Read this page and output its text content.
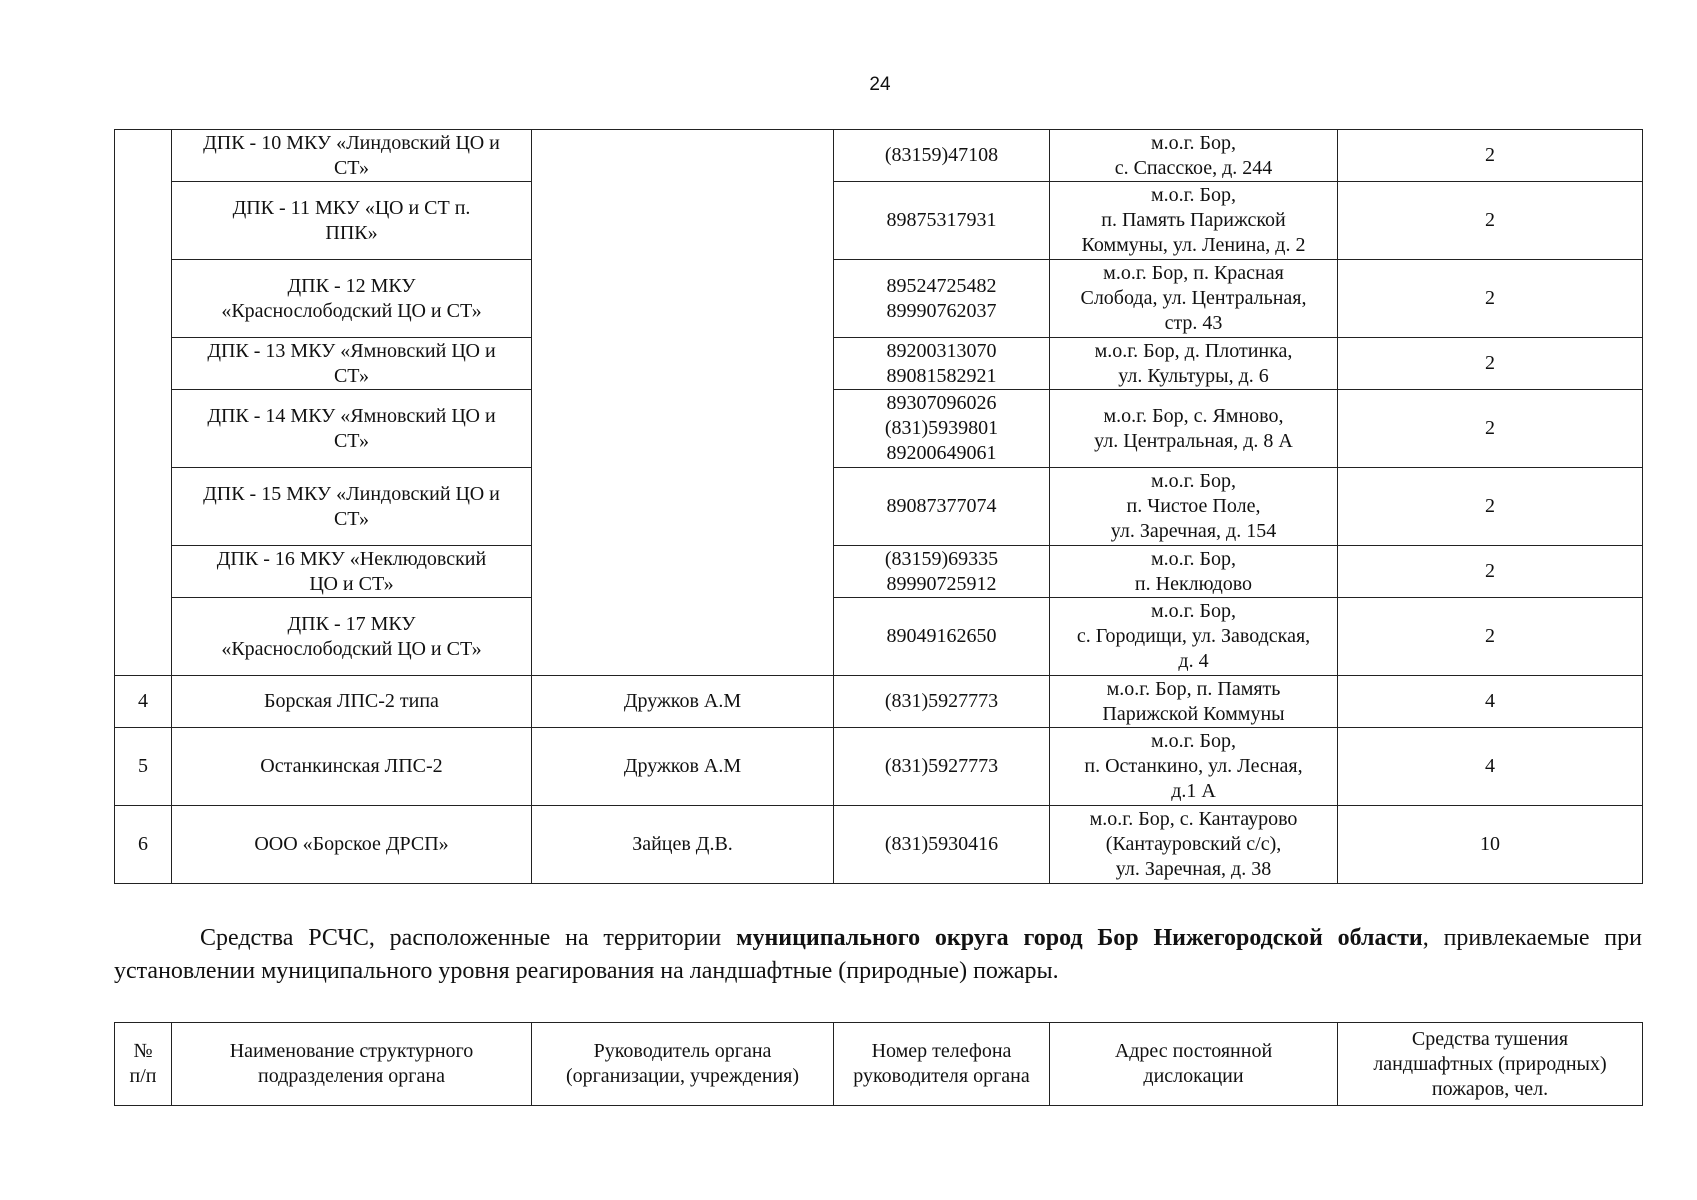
24
	ДПК - 10 МКУ «Линдовский ЦО и
СТ»		(83159)47108	м.о.г. Бор,
с. Спасское, д. 244	2
	ДПК - 11 МКУ «ЦО и СТ п.
ППК»		89875317931	м.о.г. Бор,
п. Память Парижской
Коммуны, ул. Ленина, д. 2	2
	ДПК - 12 МКУ
«Краснослободский ЦО и СТ»		89524725482
89990762037	м.о.г. Бор, п. Красная
Слобода, ул. Центральная,
стр. 43	2
	ДПК - 13 МКУ «Ямновский ЦО и
СТ»		89200313070
89081582921	м.о.г. Бор, д. Плотинка,
ул. Культуры, д. 6	2
	ДПК - 14 МКУ «Ямновский ЦО и
СТ»		89307096026
(831)5939801
89200649061	м.о.г. Бор, с. Ямново,
ул. Центральная, д. 8 А	2
	ДПК - 15 МКУ «Линдовский ЦО и
СТ»		89087377074	м.о.г. Бор,
п. Чистое Поле,
ул. Заречная, д. 154	2
	ДПК - 16 МКУ «Неклюдовский
ЦО и СТ»		(83159)69335
89990725912	м.о.г. Бор,
п. Неклюдово	2
	ДПК - 17 МКУ
«Краснослободский ЦО и СТ»		89049162650	м.о.г. Бор,
с. Городищи, ул. Заводская,
д. 4	2
4	Борская ЛПС-2 типа	Дружков А.М	(831)5927773	м.о.г. Бор, п. Память
Парижской Коммуны	4
5	Останкинская ЛПС-2	Дружков А.М	(831)5927773	м.о.г. Бор,
п. Останкино, ул. Лесная,
д.1 А	4
6	ООО «Борское ДРСП»	Зайцев Д.В.	(831)5930416	м.о.г. Бор, с. Кантаурово
(Кантауровский с/с),
ул. Заречная, д. 38	10
Средства РСЧС, расположенные на территории муниципального округа город Бор Нижегородской области, привлекаемые при установлении муниципального уровня реагирования на ландшафтные (природные) пожары.
№
п/п	Наименование структурного
подразделения органа	Руководитель органа
(организации, учреждения)	Номер телефона
руководителя органа	Адрес постоянной
дислокации	Средства тушения
ландшафтных (природных)
пожаров, чел.
